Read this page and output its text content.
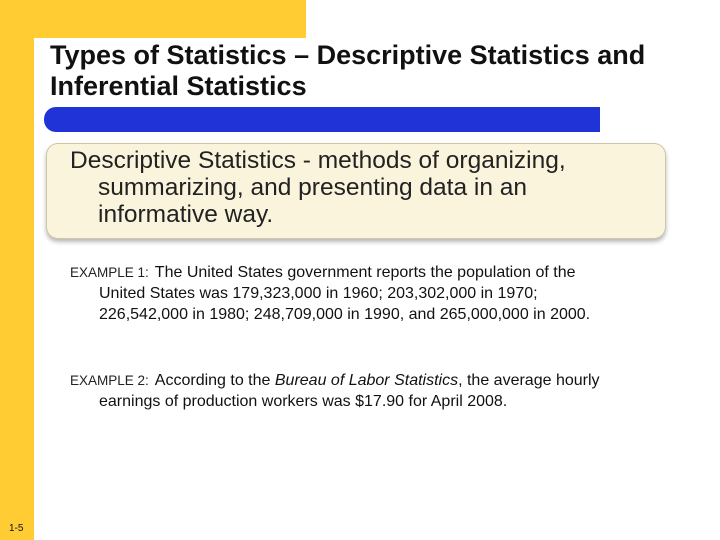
Types of Statistics – Descriptive Statistics and
Inferential Statistics
Descriptive Statistics - methods of organizing,
summarizing, and presenting data in an
informative way.
EXAMPLE 1: The United States government reports the population of the
United States was 179,323,000 in 1960; 203,302,000 in 1970;
226,542,000 in 1980; 248,709,000 in 1990, and 265,000,000 in 2000.
EXAMPLE 2: According to the Bureau of Labor Statistics, the average hourly
earnings of production workers was $17.90 for April 2008.
1-5
